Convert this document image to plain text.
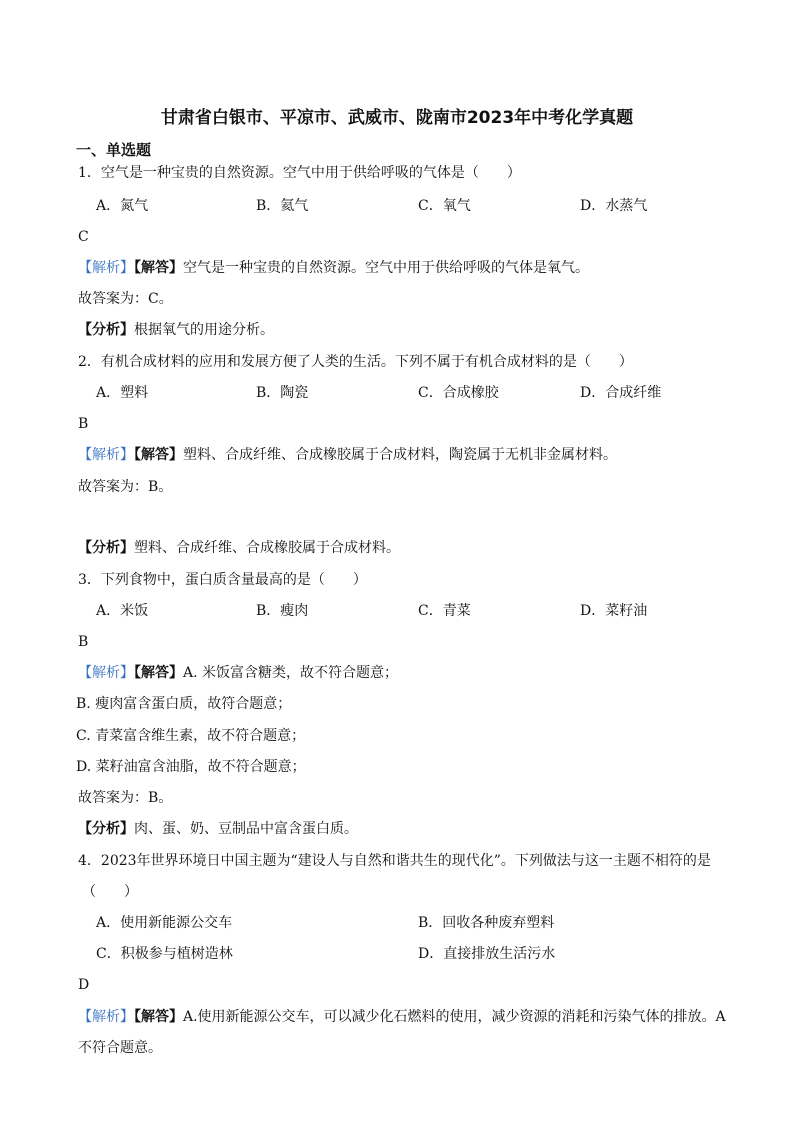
甘肃省白银市、平凉市、武威市、陇南市2023年中考化学真题
一、单选题
1．空气是一种宝贵的自然资源。空气中用于供给呼吸的气体是（　　）
A．氮气	B．氦气	C．氧气	D．水蒸气
C
【解析】【解答】空气是一种宝贵的自然资源。空气中用于供给呼吸的气体是氧气。
故答案为：C。
【分析】根据氧气的用途分析。
2．有机合成材料的应用和发展方便了人类的生活。下列不属于有机合成材料的是（　　）
A．塑料	B．陶瓷	C．合成橡胶	D．合成纤维
B
【解析】【解答】塑料、合成纤维、合成橡胶属于合成材料，陶瓷属于无机非金属材料。
故答案为：B。
【分析】塑料、合成纤维、合成橡胶属于合成材料。
3．下列食物中，蛋白质含量最高的是（　　）
A．米饭	B．瘦肉	C．青菜	D．菜籽油
B
【解析】【解答】A. 米饭富含糖类，故不符合题意；
B. 瘦肉富含蛋白质，故符合题意；
C. 青菜富含维生素，故不符合题意；
D. 菜籽油富含油脂，故不符合题意；
故答案为：B。
【分析】肉、蛋、奶、豆制品中富含蛋白质。
4．2023年世界环境日中国主题为“建设人与自然和谐共生的现代化”。下列做法与这一主题不相符的是
（　　）
A．使用新能源公交车	B．回收各种废弃塑料
C．积极参与植树造林	D．直接排放生活污水
D
【解析】【解答】A.使用新能源公交车，可以减少化石燃料的使用，减少资源的消耗和污染气体的排放。A
不符合题意。
